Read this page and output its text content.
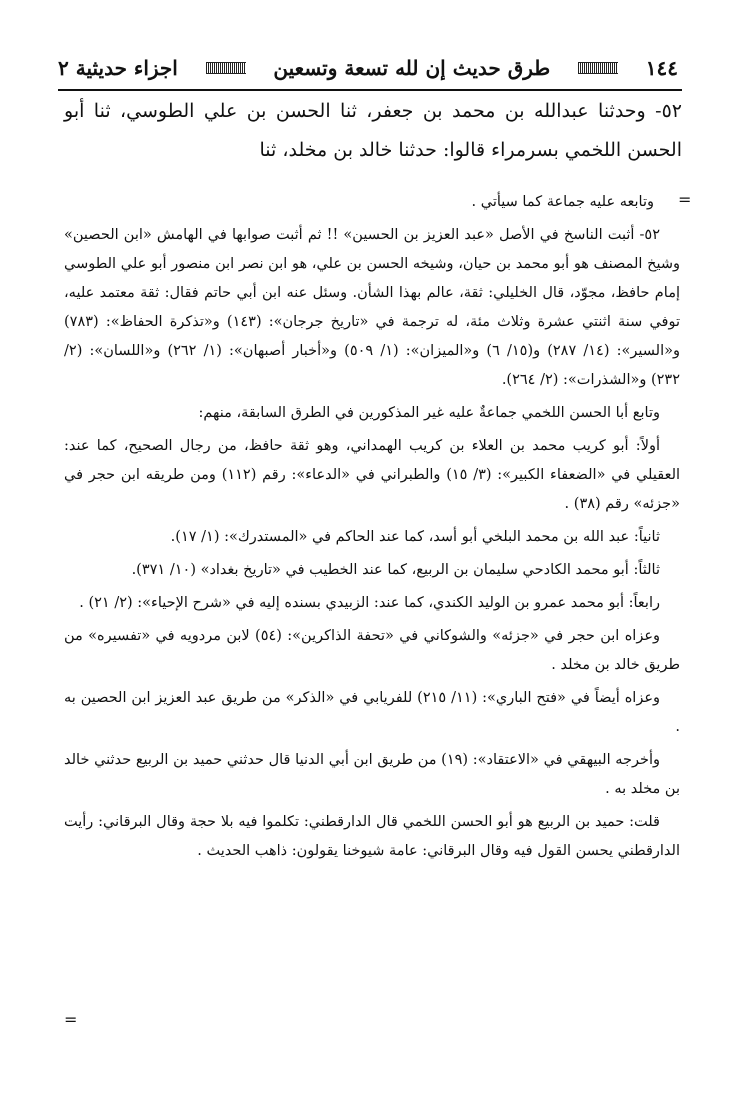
١٤٤
طرق حديث إن لله تسعة وتسعين
اجزاء حديثية ٢

٥٢- وحدثنا عبدالله بن محمد بن جعفر، ثنا الحسن بن علي الطوسي، ثنا أبو الحسن اللخمي بسرمراء قالوا: حدثنا خالد بن مخلد، ثنا

=

وتابعه عليه جماعة كما سيأتي .

٥٢- أثبت الناسخ في الأصل «عبد العزيز بن الحسين» !! ثم أثبت صوابها في الهامش «ابن الحصين» وشيخ المصنف هو أبو محمد بن حيان، وشيخه الحسن بن علي، هو ابن نصر ابن منصور أبو علي الطوسي إمام حافظ، مجوّد، قال الخليلي: ثقة، عالم بهذا الشأن. وسئل عنه ابن أبي حاتم فقال: ثقة معتمد عليه، توفي سنة اثنتي عشرة وثلاث مئة، له ترجمة في «تاريخ جرجان»: (١٤٣) و«تذكرة الحفاظ»: (٧٨٣) و«السير»: (١٤/ ٢٨٧) و(١٥/ ٦) و«الميزان»: (١/ ٥٠٩) و«أخبار أصبهان»: (١/ ٢٦٢) و«اللسان»: (٢/ ٢٣٢) و«الشذرات»: (٢/ ٢٦٤).

وتابع أبا الحسن اللخمي جماعةٌ عليه غير المذكورين في الطرق السابقة، منهم:

أولاً: أبو كريب محمد بن العلاء بن كريب الهمداني، وهو ثقة حافظ، من رجال الصحيح، كما عند: العقيلي في «الضعفاء الكبير»: (٣/ ١٥) والطبراني في «الدعاء»: رقم (١١٢) ومن طريقه ابن حجر في «جزئه» رقم (٣٨) .

ثانياً: عبد الله بن محمد البلخي أبو أسد، كما عند الحاكم في «المستدرك»: (١/ ١٧).

ثالثاً: أبو محمد الكادحي سليمان بن الربيع، كما عند الخطيب في «تاريخ بغداد» (١٠/ ٣٧١).

رابعاً: أبو محمد عمرو بن الوليد الكندي، كما عند: الزبيدي بسنده إليه في «شرح الإحياء»: (٢/ ٢١) .

وعزاه ابن حجر في «جزئه» والشوكاني في «تحفة الذاكرين»: (٥٤) لابن مردويه في «تفسيره» من طريق خالد بن مخلد .

وعزاه أيضاً في «فتح الباري»: (١١/ ٢١٥) للفريابي في «الذكر» من طريق عبد العزيز ابن الحصين به .

وأخرجه البيهقي في «الاعتقاد»: (١٩) من طريق ابن أبي الدنيا قال حدثني حميد بن الربيع حدثني خالد بن مخلد به .

قلت: حميد بن الربيع هو أبو الحسن اللخمي قال الدارقطني: تكلموا فيه بلا حجة وقال البرقاني: رأيت الدارقطني يحسن القول فيه وقال البرقاني: عامة شيوخنا يقولون: ذاهب الحديث .

=
